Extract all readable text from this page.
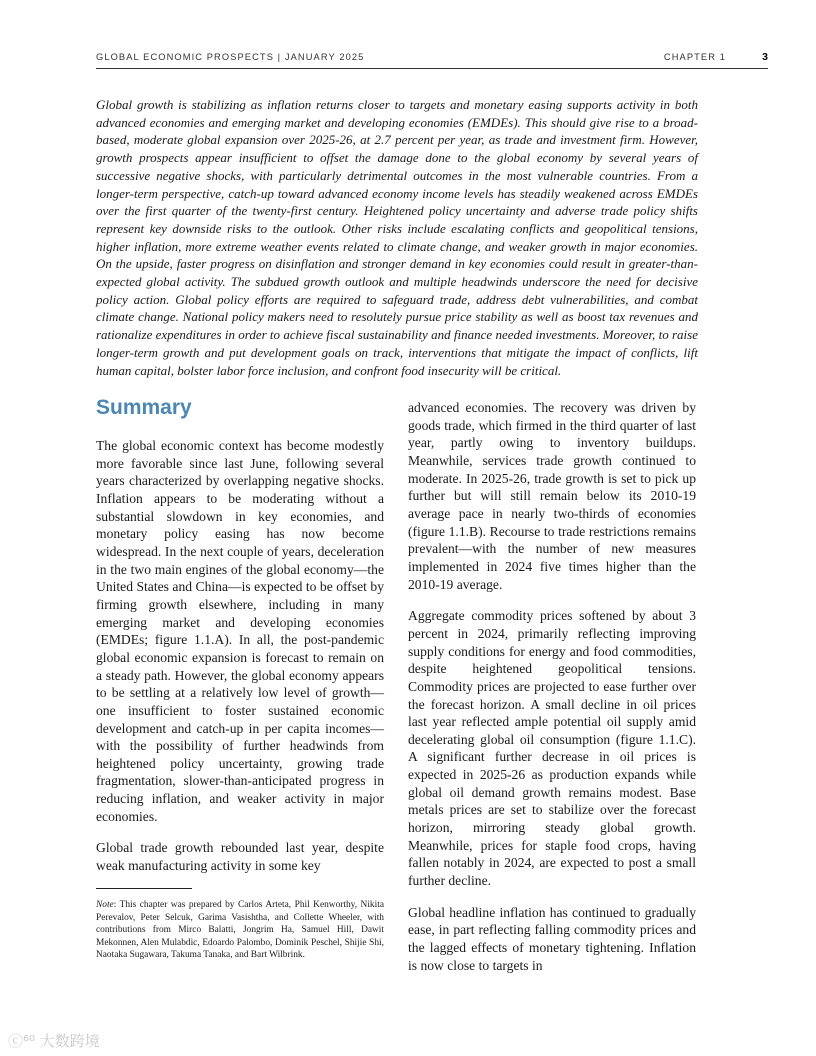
GLOBAL ECONOMIC PROSPECTS | JANUARY 2025	CHAPTER 1	3

Global growth is stabilizing as inflation returns closer to targets and monetary easing supports activity in both advanced economies and emerging market and developing economies (EMDEs). This should give rise to a broad-based, moderate global expansion over 2025-26, at 2.7 percent per year, as trade and investment firm. However, growth prospects appear insufficient to offset the damage done to the global economy by several years of successive negative shocks, with particularly detrimental outcomes in the most vulnerable countries. From a longer-term perspective, catch-up toward advanced economy income levels has steadily weakened across EMDEs over the first quarter of the twenty-first century. Heightened policy uncertainty and adverse trade policy shifts represent key downside risks to the outlook. Other risks include escalating conflicts and geopolitical tensions, higher inflation, more extreme weather events related to climate change, and weaker growth in major economies. On the upside, faster progress on disinflation and stronger demand in key economies could result in greater-than-expected global activity. The subdued growth outlook and multiple headwinds underscore the need for decisive policy action. Global policy efforts are required to safeguard trade, address debt vulnerabilities, and combat climate change. National policy makers need to resolutely pursue price stability as well as boost tax revenues and rationalize expenditures in order to achieve fiscal sustainability and finance needed investments. Moreover, to raise longer-term growth and put development goals on track, interventions that mitigate the impact of conflicts, lift human capital, bolster labor force inclusion, and confront food insecurity will be critical.

Summary

The global economic context has become modestly more favorable since last June, following several years characterized by overlapping negative shocks. Inflation appears to be moderating without a substantial slowdown in key economies, and monetary policy easing has now become widespread. In the next couple of years, deceleration in the two main engines of the global economy—the United States and China—is expected to be offset by firming growth elsewhere, including in many emerging market and developing economies (EMDEs; figure 1.1.A). In all, the post-pandemic global economic expansion is forecast to remain on a steady path. However, the global economy appears to be settling at a relatively low level of growth—one insufficient to foster sustained economic development and catch-up in per capita incomes—with the possibility of further headwinds from heightened policy uncertainty, growing trade fragmentation, slower-than-anticipated progress in reducing inflation, and weaker activity in major economies.

Global trade growth rebounded last year, despite weak manufacturing activity in some key

advanced economies. The recovery was driven by goods trade, which firmed in the third quarter of last year, partly owing to inventory buildups. Meanwhile, services trade growth continued to moderate. In 2025-26, trade growth is set to pick up further but will still remain below its 2010-19 average pace in nearly two-thirds of economies (figure 1.1.B). Recourse to trade restrictions remains prevalent—with the number of new measures implemented in 2024 five times higher than the 2010-19 average.

Aggregate commodity prices softened by about 3 percent in 2024, primarily reflecting improving supply conditions for energy and food commodities, despite heightened geopolitical tensions. Commodity prices are projected to ease further over the forecast horizon. A small decline in oil prices last year reflected ample potential oil supply amid decelerating global oil consumption (figure 1.1.C). A significant further decrease in oil prices is expected in 2025-26 as production expands while global oil demand growth remains modest. Base metals prices are set to stabilize over the forecast horizon, mirroring steady global growth. Meanwhile, prices for staple food crops, having fallen notably in 2024, are expected to post a small further decline.

Global headline inflation has continued to gradually ease, in part reflecting falling commodity prices and the lagged effects of monetary tightening. Inflation is now close to targets in

Note: This chapter was prepared by Carlos Arteta, Phil Kenworthy, Nikita Perevalov, Peter Selcuk, Garima Vasishtha, and Collette Wheeler, with contributions from Mirco Balatti, Jongrim Ha, Samuel Hill, Dawit Mekonnen, Alen Mulabdic, Edoardo Palombo, Dominik Peschel, Shijie Shi, Naotaka Sugawara, Takuma Tanaka, and Bart Wilbrink.

ⓒ⁶⁰ 大数跨境
